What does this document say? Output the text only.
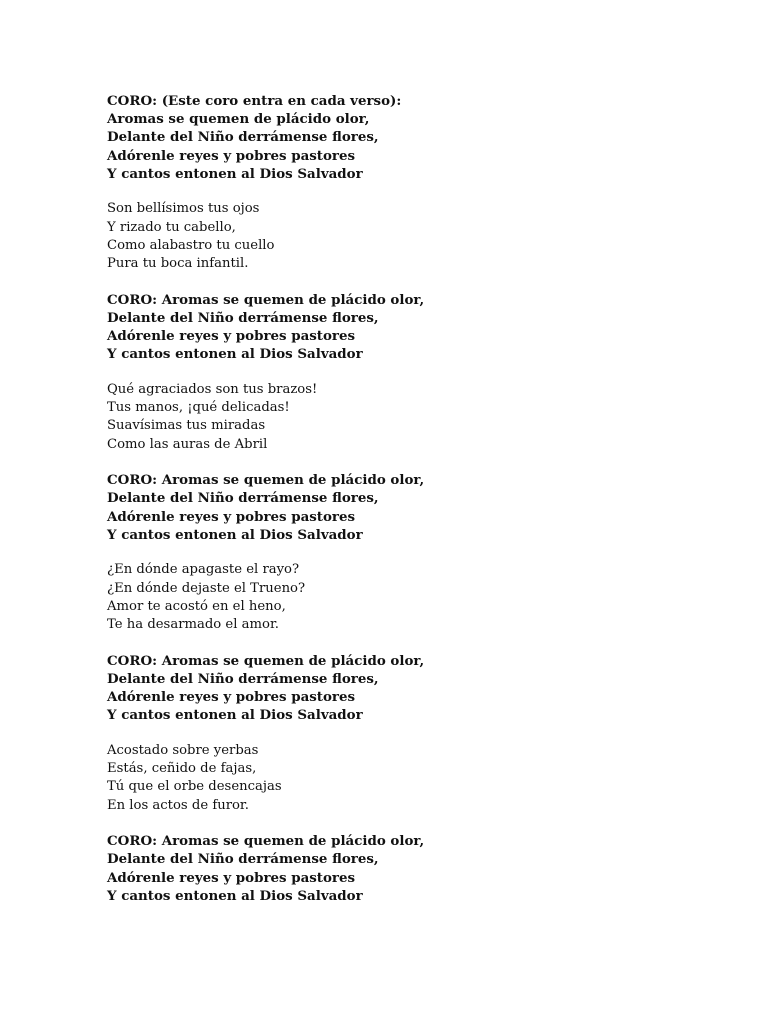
CORO: (Este coro entra en cada verso):
Aromas se quemen de plácido olor,
Delante del Niño derrámense flores,
Adórenle reyes y pobres pastores
Y cantos entonen al Dios Salvador
Son bellísimos tus ojos
Y rizado tu cabello,
Como alabastro tu cuello
Pura tu boca infantil.
CORO: Aromas se quemen de plácido olor,
Delante del Niño derrámense flores,
Adórenle reyes y pobres pastores
Y cantos entonen al Dios Salvador
Qué agraciados son tus brazos!
Tus manos, ¡qué delicadas!
Suavísimas tus miradas
Como las auras de Abril
CORO: Aromas se quemen de plácido olor,
Delante del Niño derrámense flores,
Adórenle reyes y pobres pastores
Y cantos entonen al Dios Salvador
¿En dónde apagaste el rayo?
¿En dónde dejaste el Trueno?
Amor te acostó en el heno,
Te ha desarmado el amor.
CORO: Aromas se quemen de plácido olor,
Delante del Niño derrámense flores,
Adórenle reyes y pobres pastores
Y cantos entonen al Dios Salvador
Acostado sobre yerbas
Estás, ceñido de fajas,
Tú que el orbe desencajas
En los actos de furor.
CORO: Aromas se quemen de plácido olor,
Delante del Niño derrámense flores,
Adórenle reyes y pobres pastores
Y cantos entonen al Dios Salvador
